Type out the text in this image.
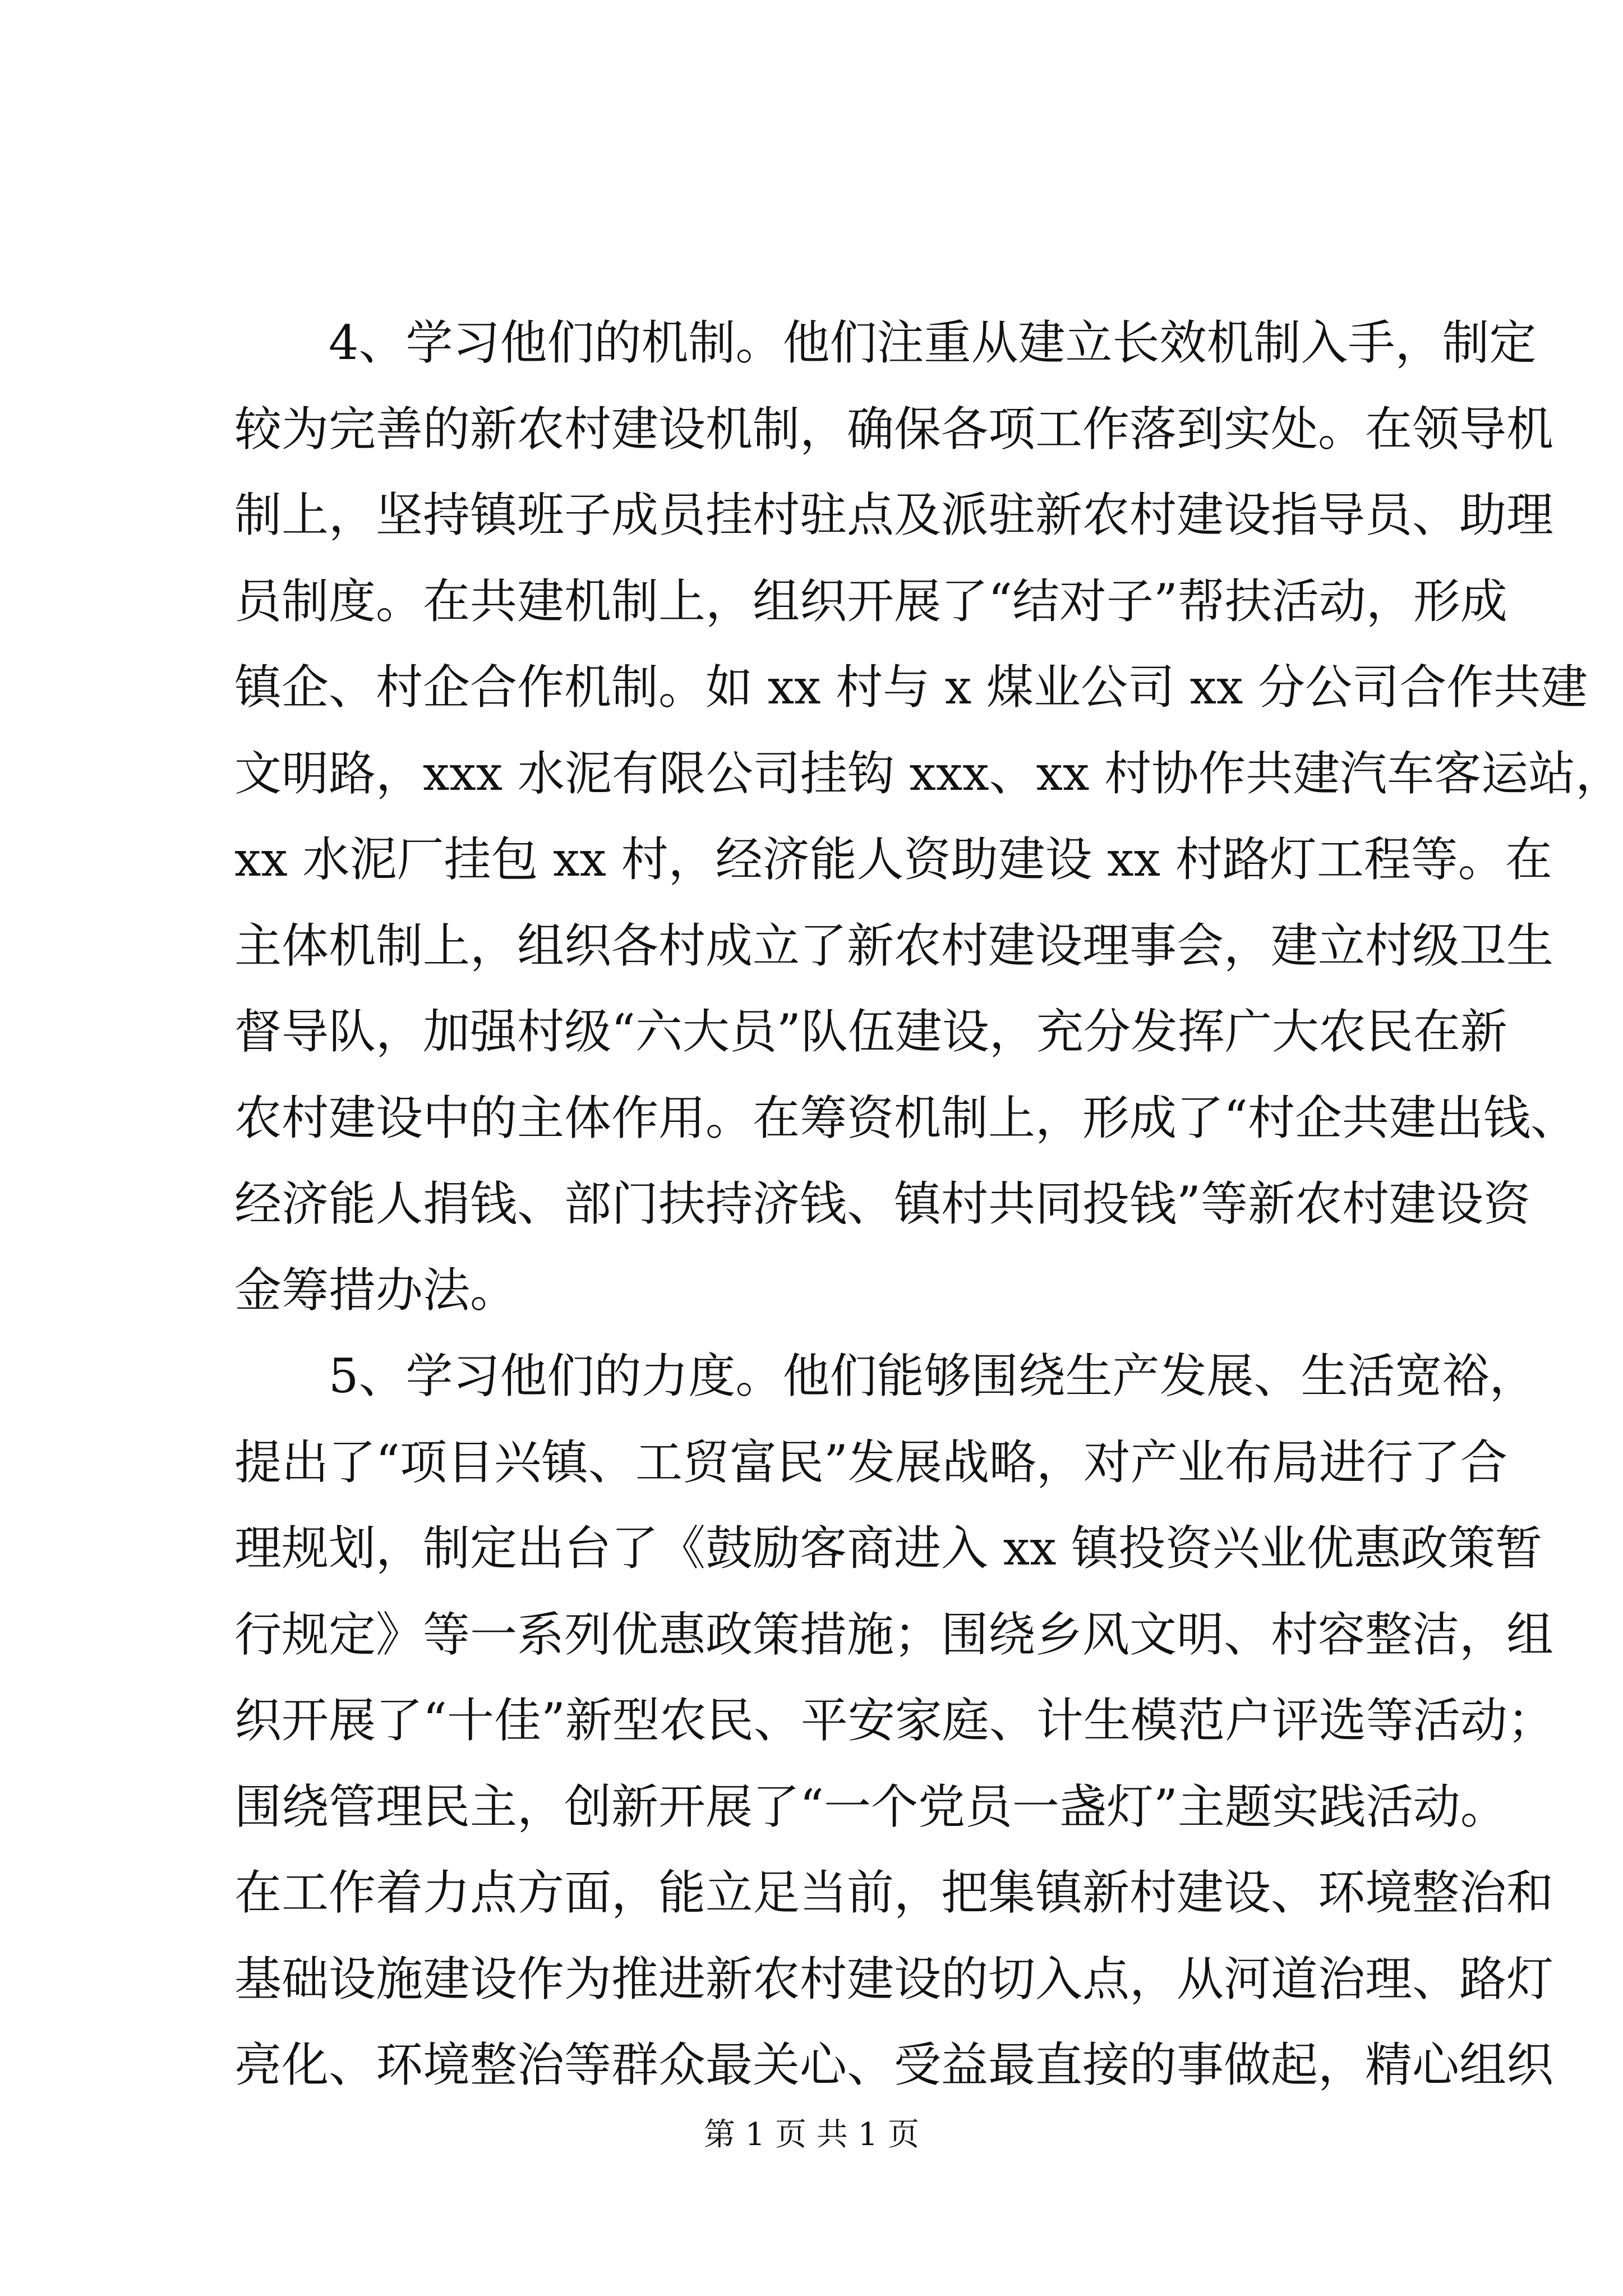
4、学习他们的机制。他们注重从建立长效机制入手，制定
较为完善的新农村建设机制，确保各项工作落到实处。在领导机
制上，坚持镇班子成员挂村驻点及派驻新农村建设指导员、助理
员制度。在共建机制上，组织开展了“结对子”帮扶活动，形成
镇企、村企合作机制。如 xx 村与 x 煤业公司 xx 分公司合作共建
文明路，xxx 水泥有限公司挂钩 xxx、xx 村协作共建汽车客运站，
xx 水泥厂挂包 xx 村，经济能人资助建设 xx 村路灯工程等。在
主体机制上，组织各村成立了新农村建设理事会，建立村级卫生
督导队，加强村级“六大员”队伍建设，充分发挥广大农民在新
农村建设中的主体作用。在筹资机制上，形成了“村企共建出钱、
经济能人捐钱、部门扶持济钱、镇村共同投钱”等新农村建设资
金筹措办法。
5、学习他们的力度。他们能够围绕生产发展、生活宽裕，
提出了“项目兴镇、工贸富民”发展战略，对产业布局进行了合
理规划，制定出台了《鼓励客商进入 xx 镇投资兴业优惠政策暂
行规定》等一系列优惠政策措施；围绕乡风文明、村容整洁，组
织开展了“十佳”新型农民、平安家庭、计生模范户评选等活动；
围绕管理民主，创新开展了“一个党员一盏灯”主题实践活动。
在工作着力点方面，能立足当前，把集镇新村建设、环境整治和
基础设施建设作为推进新农村建设的切入点，从河道治理、路灯
亮化、环境整治等群众最关心、受益最直接的事做起，精心组织
第 1 页 共 1 页
